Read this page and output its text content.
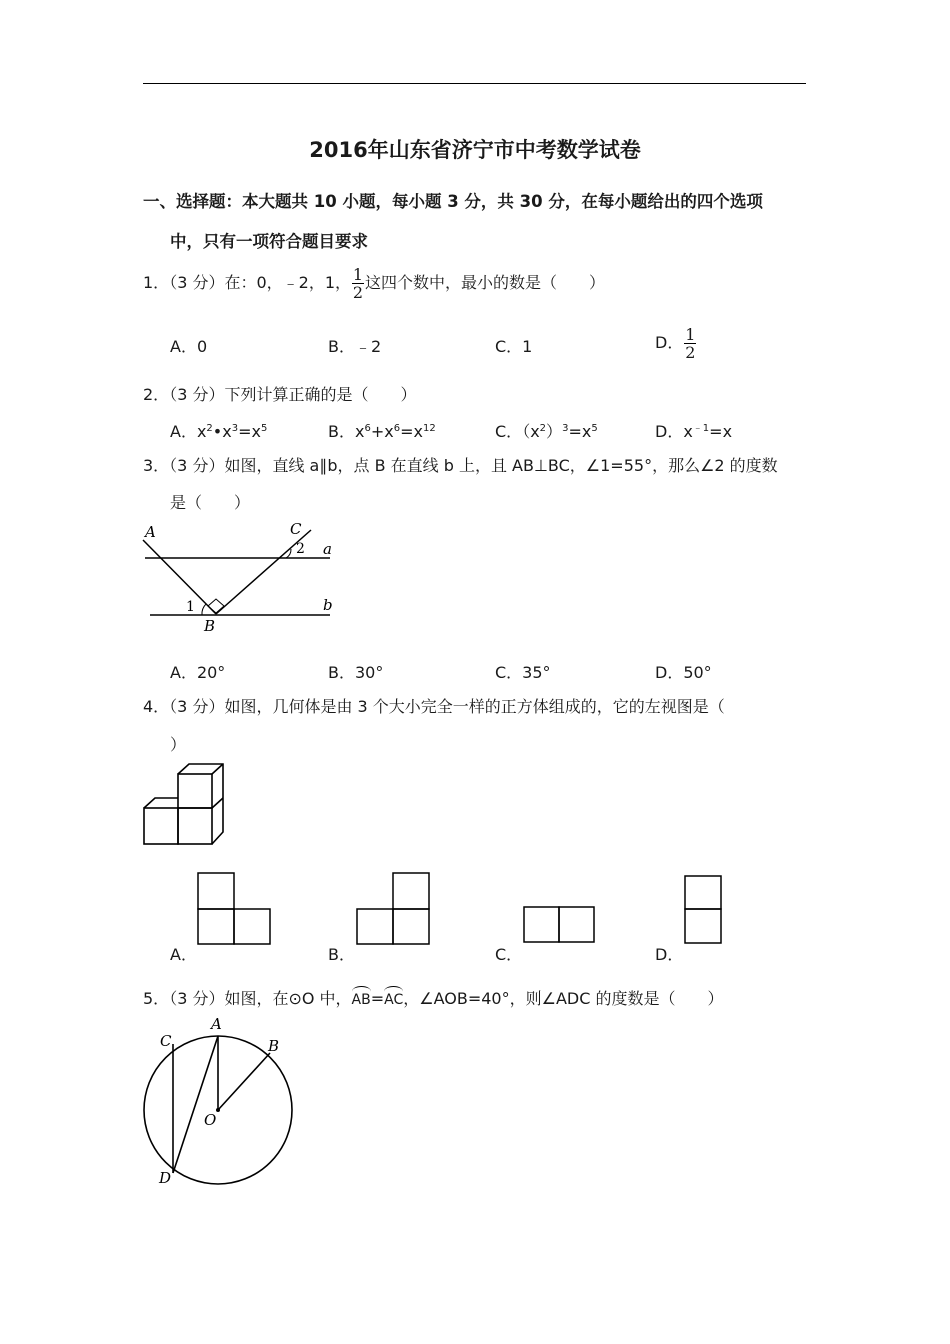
2016年山东省济宁市中考数学试卷
一、选择题：本大题共 10 小题，每小题 3 分，共 30 分，在每小题给出的四个选项
中，只有一项符合题目要求
1．（3 分）在：0，﹣2，1， $\frac{1}{2}$ 这四个数中，最小的数是（　　）
A．0	B．﹣2	C．1	D． $\frac{1}{2}$
2．（3 分）下列计算正确的是（　　）
A．$x^2•x^3=x^5$	B．$x^6+x^6=x^{12}$	C．$(x^2)^3=x^5$	D．$x^{﹣1}=x$
3．（3 分）如图，直线 a∥b，点 B 在直线 b 上，且 AB⊥BC，∠1=55°，那么∠2 的度数
是（　　）
A	C
a
b
B
1
2
A．20°	B．30°	C．35°	D．50°
4．（3 分）如图，几何体是由 3 个大小完全一样的正方体组成的，它的左视图是（
）
A．	B．	C．	D．
5．（3 分）如图，在⊙O 中，AB=AC，∠AOB=40°，则∠ADC 的度数是（　　）
A
B
C
D
O
